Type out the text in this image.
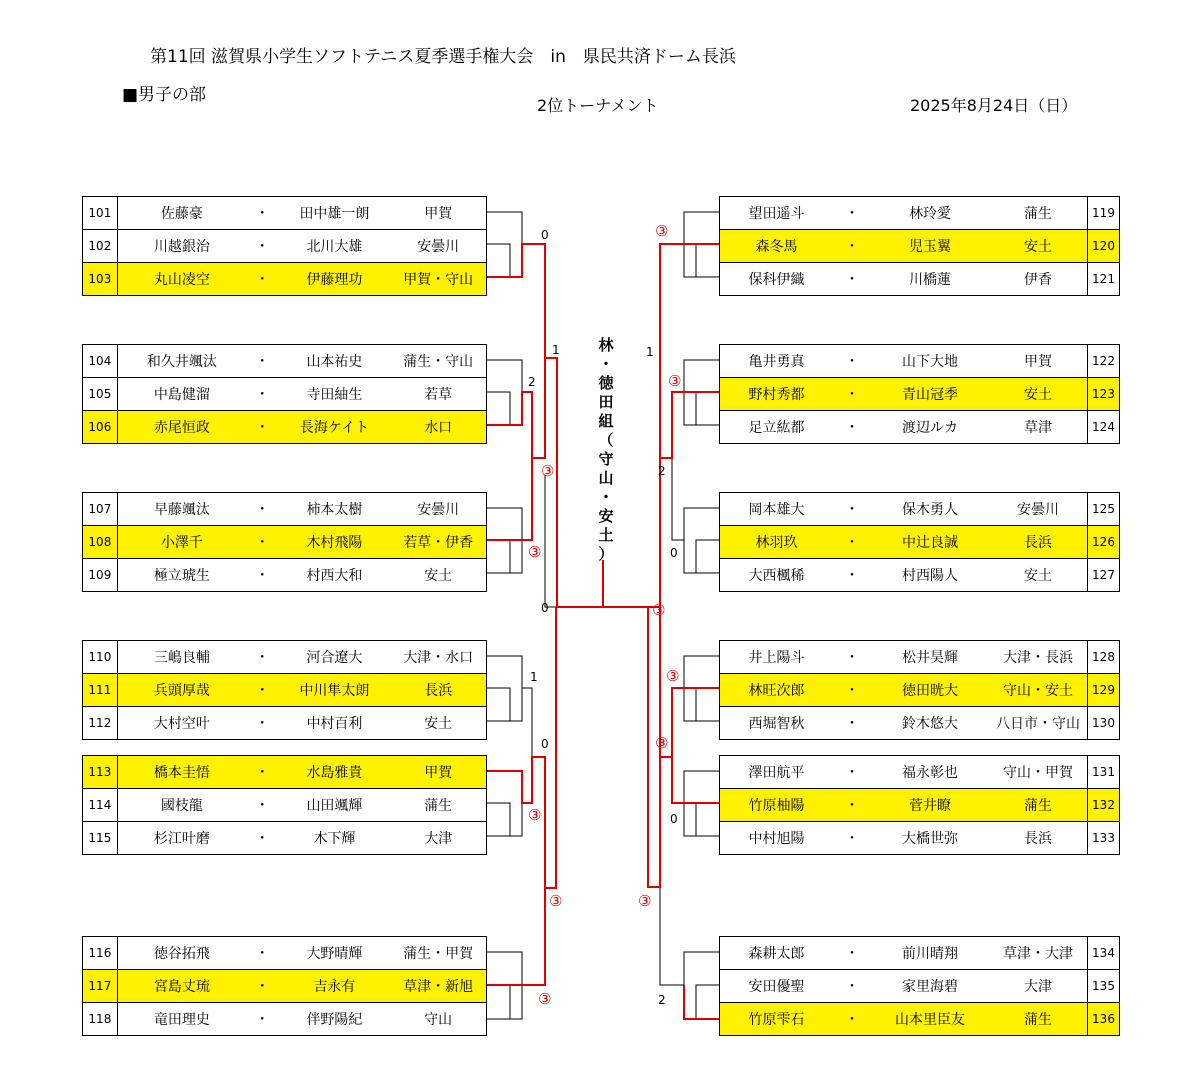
第11回 滋賀県小学生ソフトテニス夏季選手権大会　in　県民共済ドーム長浜
■男子の部
2位トーナメント	2025年8月24日（日）
101	佐藤豪	・	田中雄一朗	甲賀
102	川越銀治	・	北川大雄	安曇川
103	丸山凌空	・	伊藤理功	甲賀・守山
104	和久井颯汰	・	山本祐史	蒲生・守山
105	中島健溜	・	寺田紬生	若草
106	赤尾恒政	・	長海ケイト	水口
107	早藤颯汰	・	柿本太樹	安曇川
108	小澤千	・	木村飛陽	若草・伊香
109	極立琥生	・	村西大和	安土
110	三嶋良輔	・	河合遼大	大津・水口
111	兵頭厚哉	・	中川隼太朗	長浜
112	大村空叶	・	中村百利	安土
113	橋本圭悟	・	水島雅貴	甲賀
114	國枝龍	・	山田颯輝	蒲生
115	杉江叶磨	・	木下輝	大津
116	徳谷拓飛	・	大野晴輝	蒲生・甲賀
117	宮島丈琉	・	吉永有	草津・新旭
118	竜田理史	・	伴野陽紀	守山
望田遥斗	・	林玲愛	蒲生	119
森冬馬	・	児玉翼	安土	120
保科伊織	・	川橋蓮	伊香	121
亀井勇真	・	山下大地	甲賀	122
野村秀都	・	青山冠季	安土	123
足立紘都	・	渡辺ルカ	草津	124
岡本雄大	・	保木勇人	安曇川	125
林羽玖	・	中辻良誠	長浜	126
大西楓稀	・	村西陽人	安土	127
井上陽斗	・	松井昊輝	大津・長浜	128
林旺次郎	・	徳田晄大	守山・安土	129
西堀智秋	・	鈴木悠大	八日市・守山	130
澤田航平	・	福永彰也	守山・甲賀	131
竹原柚陽	・	菅井瞭	蒲生	132
中村旭陽	・	大橋世弥	長浜	133
森耕太郎	・	前川晴翔	草津・大津	134
安田優聖	・	家里海碧	大津	135
竹原雫石	・	山本里臣友	蒲生	136
林
・
徳
田
組
（
守
山
・
安
土
）
0
1
2
0
1
0
1
2
0
0
2
③
③
③
③
③
③
③
③
③
③
③
